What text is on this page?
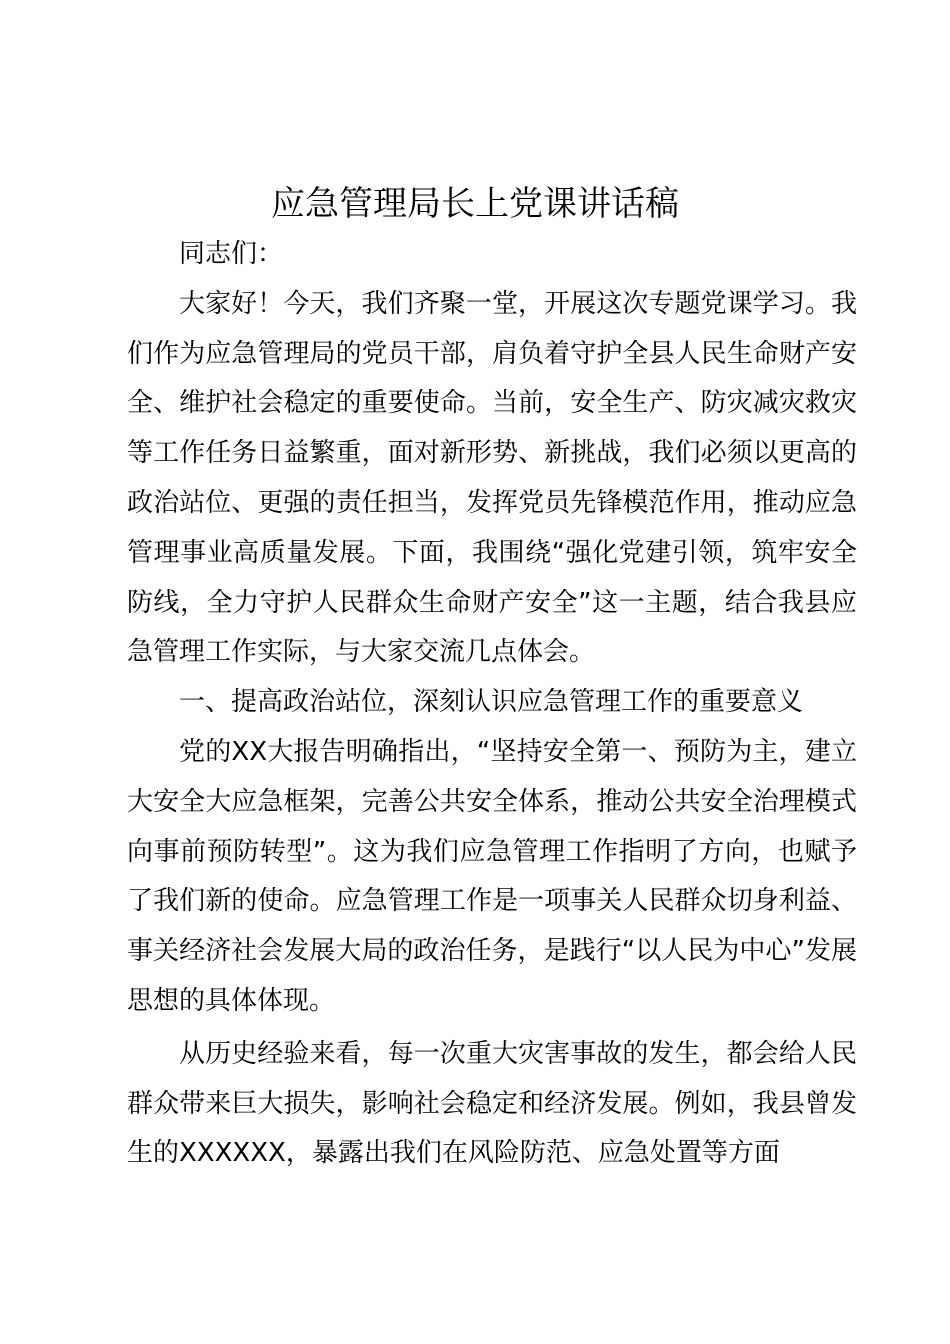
应急管理局长上党课讲话稿

同志们：

大家好！今天，我们齐聚一堂，开展这次专题党课学习。我们作为应急管理局的党员干部，肩负着守护全县人民生命财产安全、维护社会稳定的重要使命。当前，安全生产、防灾减灾救灾等工作任务日益繁重，面对新形势、新挑战，我们必须以更高的政治站位、更强的责任担当，发挥党员先锋模范作用，推动应急管理事业高质量发展。下面，我围绕“强化党建引领，筑牢安全防线，全力守护人民群众生命财产安全”这一主题，结合我县应急管理工作实际，与大家交流几点体会。

一、提高政治站位，深刻认识应急管理工作的重要意义

党的XX大报告明确指出，“坚持安全第一、预防为主，建立大安全大应急框架，完善公共安全体系，推动公共安全治理模式向事前预防转型”。这为我们应急管理工作指明了方向，也赋予了我们新的使命。应急管理工作是一项事关人民群众切身利益、事关经济社会发展大局的政治任务，是践行“以人民为中心”发展思想的具体体现。

从历史经验来看，每一次重大灾害事故的发生，都会给人民群众带来巨大损失，影响社会稳定和经济发展。例如，我县曾发生的XXXXXX，暴露出我们在风险防范、应急处置等方面
